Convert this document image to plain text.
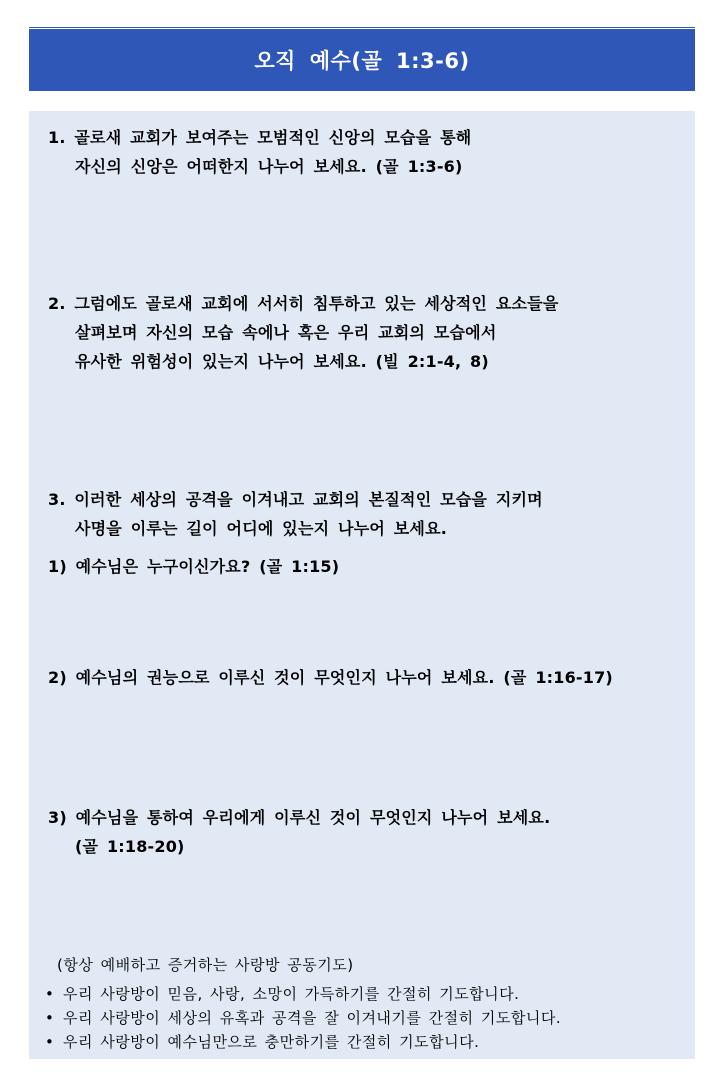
오직 예수(골 1:3-6)
1. 골로새 교회가 보여주는 모범적인 신앙의 모습을 통해
자신의 신앙은 어떠한지 나누어 보세요. (골 1:3-6)
2. 그럼에도 골로새 교회에 서서히 침투하고 있는 세상적인 요소들을
살펴보며 자신의 모습 속에나 혹은 우리 교회의 모습에서
유사한 위험성이 있는지 나누어 보세요. (빌 2:1-4, 8)
3. 이러한 세상의 공격을 이겨내고 교회의 본질적인 모습을 지키며
사명을 이루는 길이 어디에 있는지 나누어 보세요.
1) 예수님은 누구이신가요? (골 1:15)
2) 예수님의 권능으로 이루신 것이 무엇인지 나누어 보세요. (골 1:16-17)
3) 예수님을 통하여 우리에게 이루신 것이 무엇인지 나누어 보세요.
(골 1:18-20)
(항상 예배하고 증거하는 사랑방 공동기도)
• 우리 사랑방이 믿음, 사랑, 소망이 가득하기를 간절히 기도합니다.
• 우리 사랑방이 세상의 유혹과 공격을 잘 이겨내기를 간절히 기도합니다.
• 우리 사랑방이 예수님만으로 충만하기를 간절히 기도합니다.
